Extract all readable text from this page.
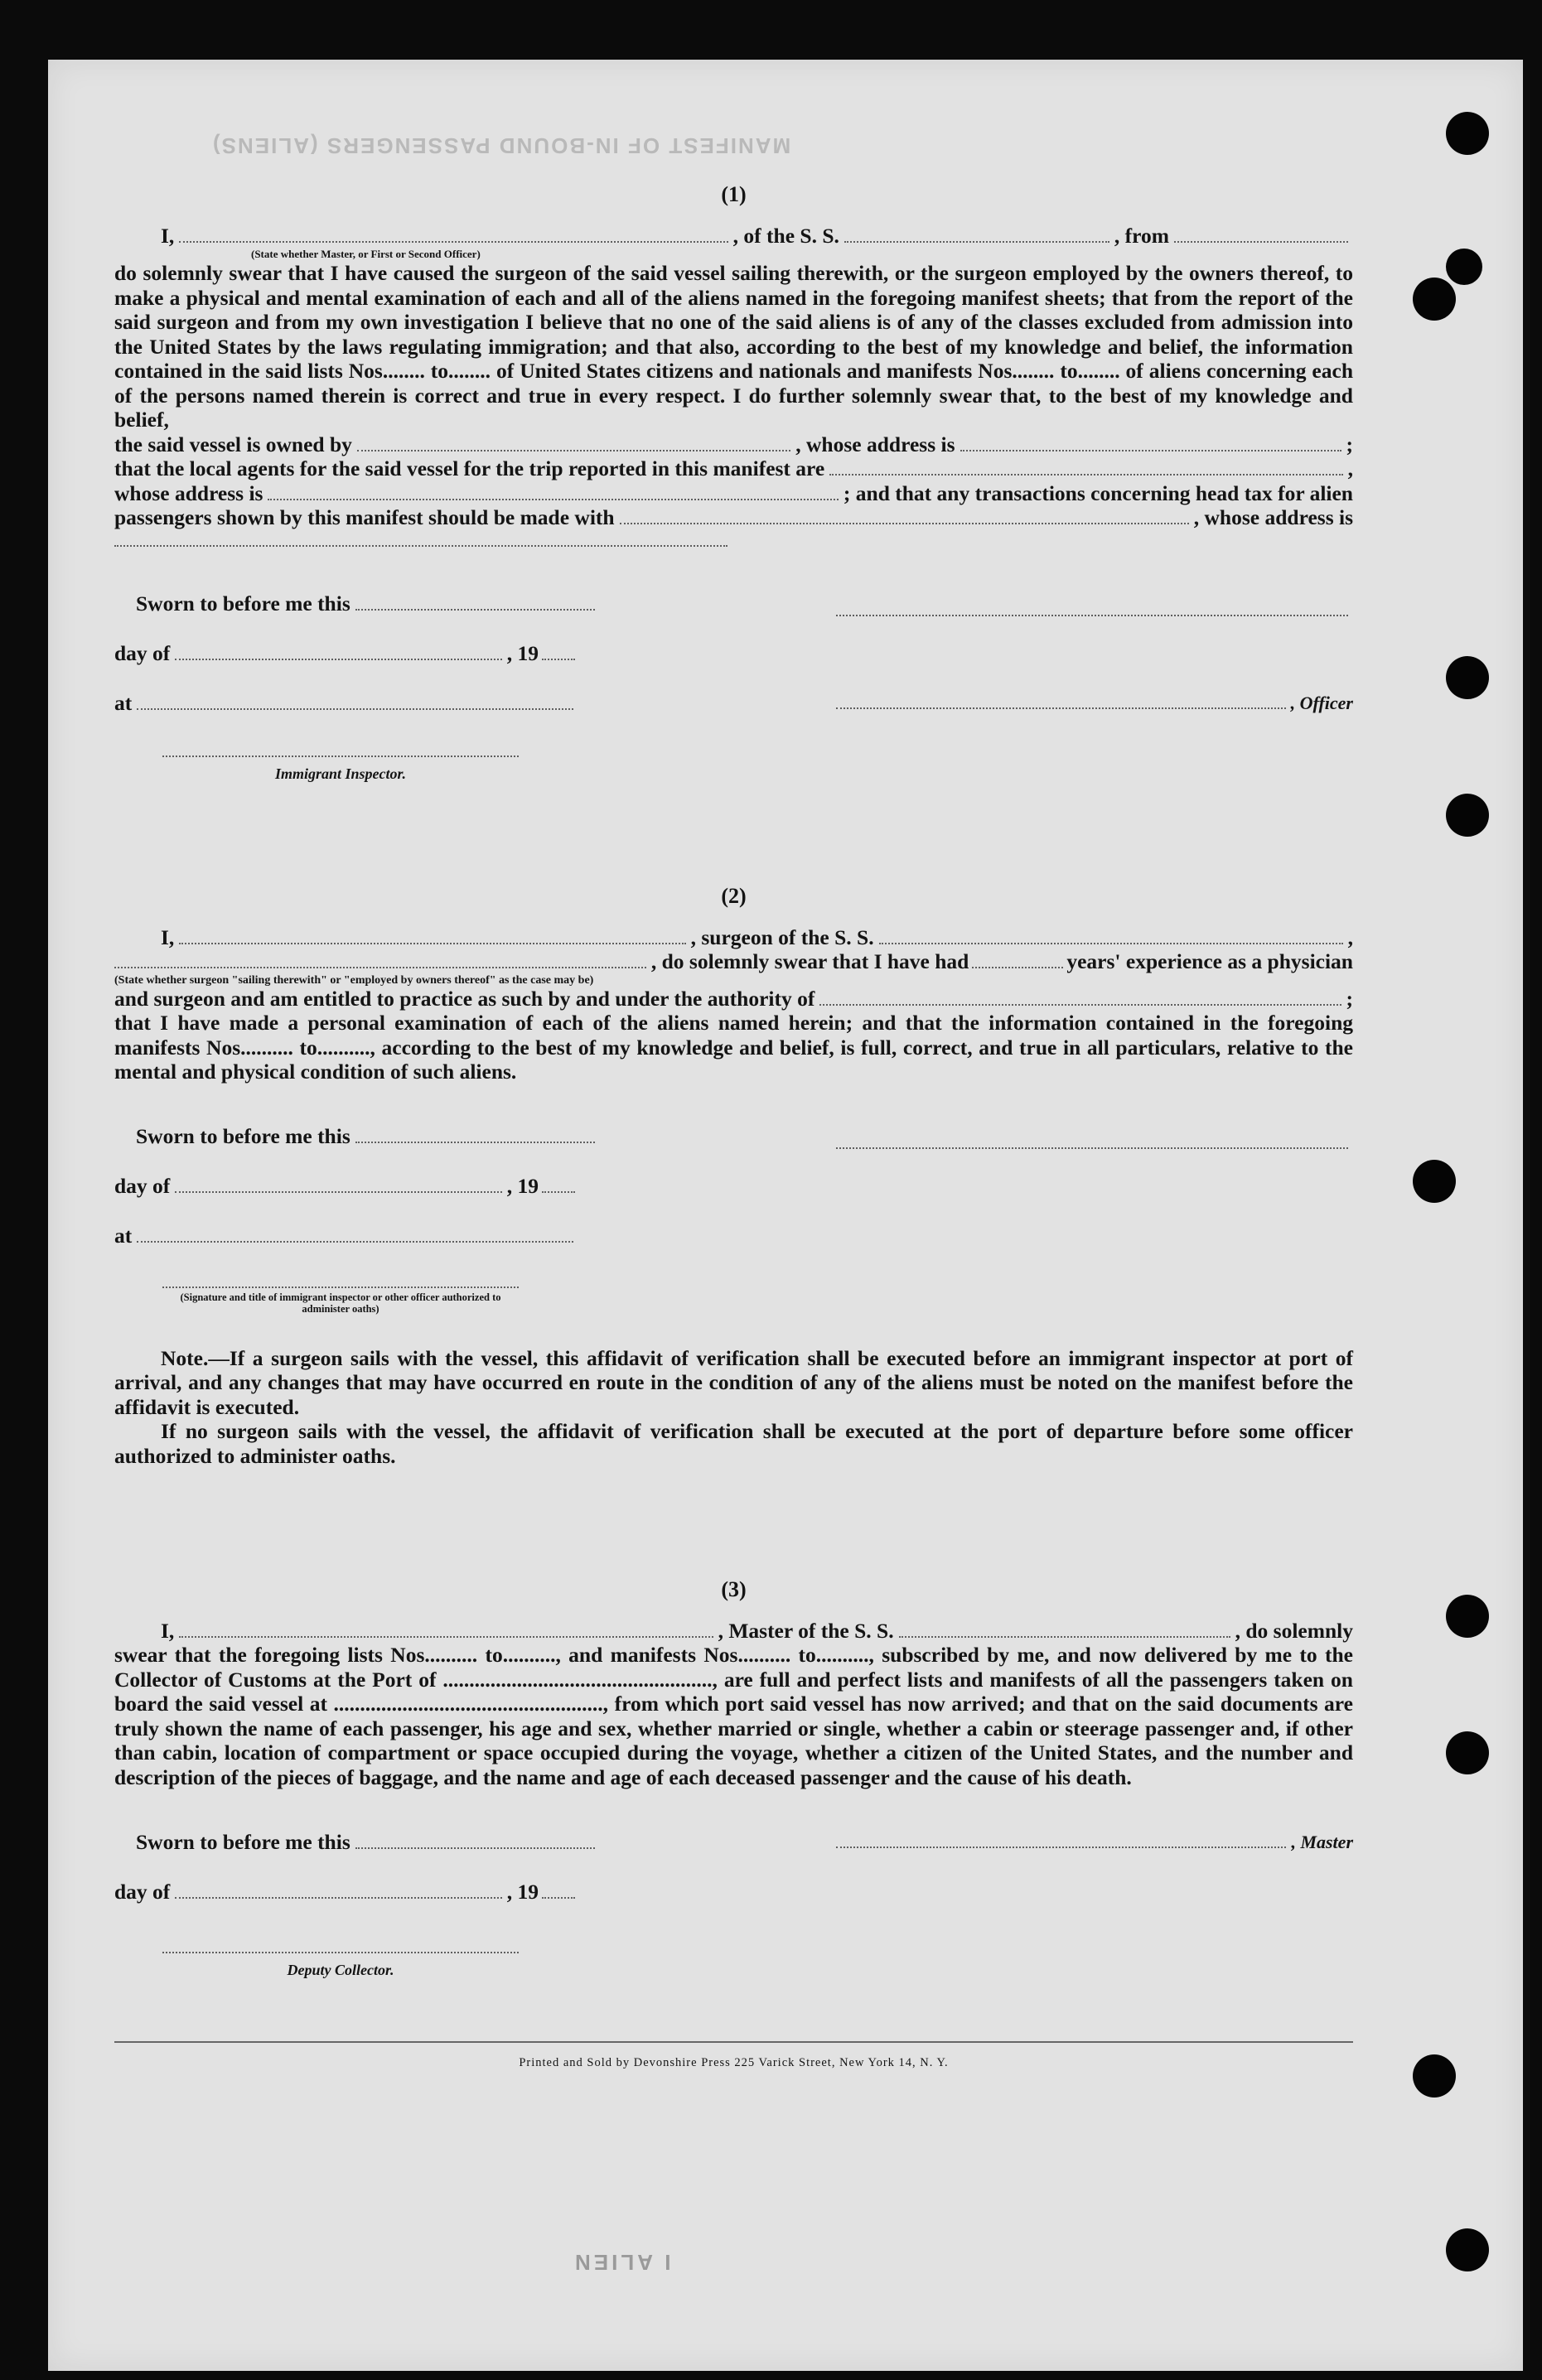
MANIFEST OF IN-BOUND PASSENGERS (ALIENS)
(1)
I,	, of the S. S.	, from
(State whether Master, or First or Second Officer)

do solemnly swear that I have caused the surgeon of the said vessel sailing therewith, or the surgeon employed by the owners thereof, to make a physical and mental examination of each and all of the aliens named in the foregoing manifest sheets; that from the report of the said surgeon and from my own investigation I believe that no one of the said aliens is of any of the classes excluded from admission into the United States by the laws regulating immigration; and that also, according to the best of my knowledge and belief, the information contained in the said lists Nos........ to........ of United States citizens and nationals and manifests Nos........ to........ of aliens concerning each of the persons named therein is correct and true in every respect. I do further solemnly swear that, to the best of my knowledge and belief,

the said vessel is owned by	, whose address is	;
that the local agents for the said vessel for the trip reported in this manifest are	,
whose address is	; and that any transactions concerning head tax for alien
passengers shown by this manifest should be made with	, whose address is
Sworn to before me this
day of	, 19
at	, Officer
Immigrant Inspector.
(2)
I,	, surgeon of the S. S.	,
, do solemnly swear that I have had	years' experience as a physician
(State whether surgeon "sailing therewith" or "employed by owners thereof" as the case may be)
and surgeon and am entitled to practice as such by and under the authority of	;

that I have made a personal examination of each of the aliens named herein; and that the information contained in the foregoing manifests Nos.......... to.........., according to the best of my knowledge and belief, is full, correct, and true in all particulars, relative to the mental and physical condition of such aliens.

Sworn to before me this
day of	, 19
at
(Signature and title of immigrant inspector or other officer authorized to administer oaths)

Note.—If a surgeon sails with the vessel, this affidavit of verification shall be executed before an immigrant inspector at port of arrival, and any changes that may have occurred en route in the condition of any of the aliens must be noted on the manifest before the affidavit is executed.

If no surgeon sails with the vessel, the affidavit of verification shall be executed at the port of departure before some officer authorized to administer oaths.

(3)
I,	, Master of the S. S.	, do solemnly

swear that the foregoing lists Nos.......... to.........., and manifests Nos.......... to.........., subscribed by me, and now delivered by me to the Collector of Customs at the Port of ..................................................., are full and perfect lists and manifests of all the passengers taken on board the said vessel at ..................................................., from which port said vessel has now arrived; and that on the said documents are truly shown the name of each passenger, his age and sex, whether married or single, whether a cabin or steerage passenger and, if other than cabin, location of compartment or space occupied during the voyage, whether a citizen of the United States, and the number and description of the pieces of baggage, and the name and age of each deceased passenger and the cause of his death.

Sworn to before me this	, Master
day of	, 19
Deputy Collector.
Printed and Sold by Devonshire Press 225 Varick Street, New York 14, N. Y.
I ALIEN
